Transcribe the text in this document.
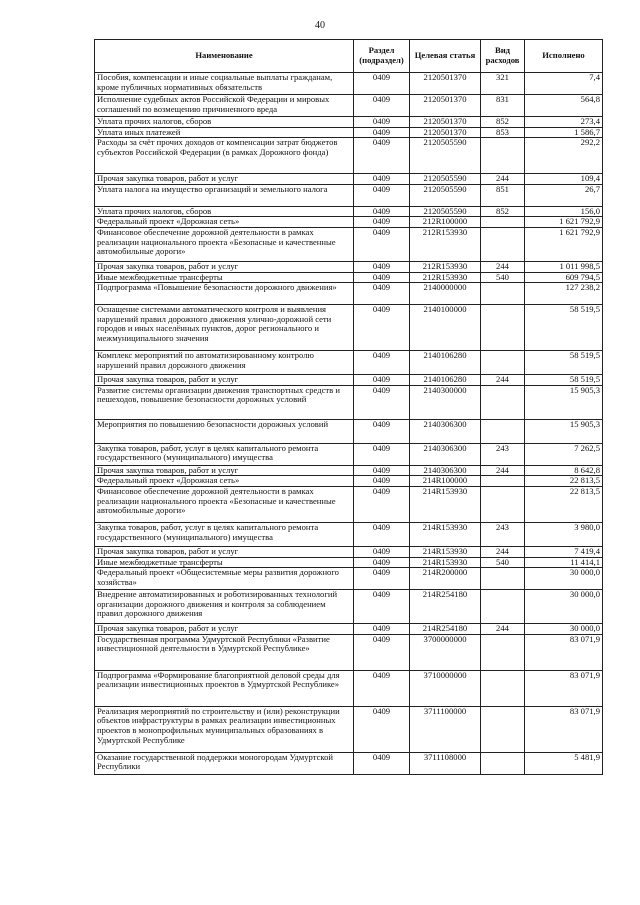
40
Наименование	Раздел (подраздел)	Целевая статья	Вид расходов	Исполнено
Пособия, компенсации и иные социальные выплаты гражданам, кроме публичных нормативных обязательств	0409	2120501370	321	7,4
Исполнение судебных актов Российской Федерации и мировых соглашений по возмещению причиненного вреда	0409	2120501370	831	564,8
Уплата прочих налогов, сборов	0409	2120501370	852	273,4
Уплата иных платежей	0409	2120501370	853	1 586,7
Расходы за счёт прочих доходов от компенсации затрат бюджетов субъектов Российской Федерации (в рамках Дорожного фонда)	0409	2120505590		292,2
Прочая закупка товаров, работ и услуг	0409	2120505590	244	109,4
Уплата налога на имущество организаций и земельного налога	0409	2120505590	851	26,7
Уплата прочих налогов, сборов	0409	2120505590	852	156,0
Федеральный проект «Дорожная сеть»	0409	212R100000		1 621 792,9
Финансовое обеспечение дорожной деятельности в рамках реализации национального проекта «Безопасные и качественные автомобильные дороги»	0409	212R153930		1 621 792,9
Прочая закупка товаров, работ и услуг	0409	212R153930	244	1 011 998,5
Иные межбюджетные трансферты	0409	212R153930	540	609 794,5
Подпрограмма «Повышение безопасности дорожного движения»	0409	2140000000		127 238,2
Оснащение системами автоматического контроля и выявления нарушений правил дорожного движения улично-дорожной сети городов и иных населённых пунктов, дорог регионального и межмуниципального значения	0409	2140100000		58 519,5
Комплекс мероприятий по автоматизированному контролю нарушений правил дорожного движения	0409	2140106280		58 519,5
Прочая закупка товаров, работ и услуг	0409	2140106280	244	58 519,5
Развитие системы организации движения транспортных средств и пешеходов, повышение безопасности дорожных условий	0409	2140300000		15 905,3
Мероприятия по повышению безопасности дорожных условий	0409	2140306300		15 905,3
Закупка товаров, работ, услуг в целях капитального ремонта государственного (муниципального) имущества	0409	2140306300	243	7 262,5
Прочая закупка товаров, работ и услуг	0409	2140306300	244	8 642,8
Федеральный проект «Дорожная сеть»	0409	214R100000		22 813,5
Финансовое обеспечение дорожной деятельности в рамках реализации национального проекта «Безопасные и качественные автомобильные дороги»	0409	214R153930		22 813,5
Закупка товаров, работ, услуг в целях капитального ремонта государственного (муниципального) имущества	0409	214R153930	243	3 980,0
Прочая закупка товаров, работ и услуг	0409	214R153930	244	7 419,4
Иные межбюджетные трансферты	0409	214R153930	540	11 414,1
Федеральный проект «Общесистемные меры развития дорожного хозяйства»	0409	214R200000		30 000,0
Внедрение автоматизированных и роботизированных технологий организации дорожного движения и контроля за соблюдением правил дорожного движения	0409	214R254180		30 000,0
Прочая закупка товаров, работ и услуг	0409	214R254180	244	30 000,0
Государственная программа Удмуртской Республики «Развитие инвестиционной деятельности в Удмуртской Республике»	0409	3700000000		83 071,9
Подпрограмма «Формирование благоприятной деловой среды для реализации инвестиционных проектов в Удмуртской Республике»	0409	3710000000		83 071,9
Реализация мероприятий по строительству и (или) реконструкции объектов инфраструктуры в рамках реализации инвестиционных проектов в монопрофильных муниципальных образованиях в Удмуртской Республике	0409	3711100000		83 071,9
Оказание государственной поддержки моногородам Удмуртской Республики	0409	3711108000		5 481,9
